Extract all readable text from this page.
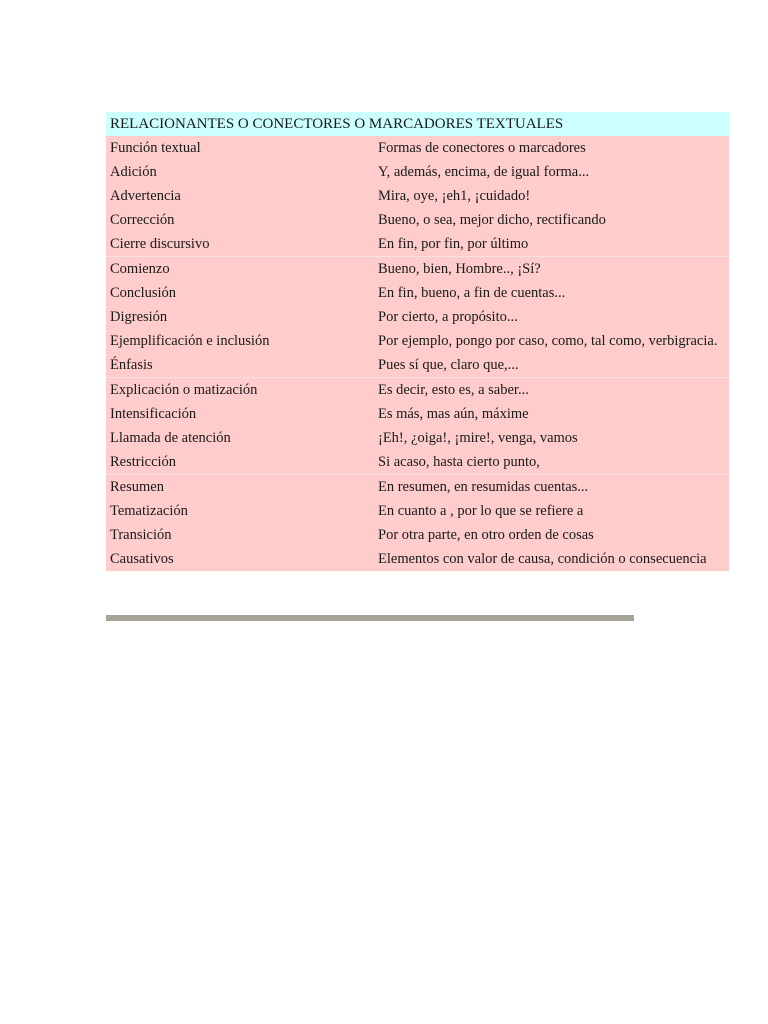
RELACIONANTES O CONECTORES O MARCADORES TEXTUALES	
Función textual	Formas de conectores o marcadores
Adición	Y, además, encima, de igual forma...
Advertencia	Mira, oye, ¡eh1, ¡cuidado!
Corrección	Bueno, o sea, mejor dicho, rectificando
Cierre discursivo	En fin, por fin, por último
Comienzo	Bueno, bien, Hombre.., ¡Sí?
Conclusión	En fin, bueno, a fin de cuentas...
Digresión	Por cierto, a propósito...
Ejemplificación e inclusión	Por ejemplo, pongo por caso, como, tal como, verbigracia.
Énfasis	Pues sí que, claro que,...
Explicación o matización	Es decir, esto es, a saber...
Intensificación	Es más, mas aún, máxime
Llamada de atención	¡Eh!, ¿oiga!, ¡mire!, venga, vamos
Restricción	Si acaso, hasta cierto punto,
Resumen	En resumen, en resumidas cuentas...
Tematización	En cuanto a , por lo que se refiere a
Transición	Por otra parte, en otro orden de cosas
Causativos	Elementos con valor de causa, condición o consecuencia
